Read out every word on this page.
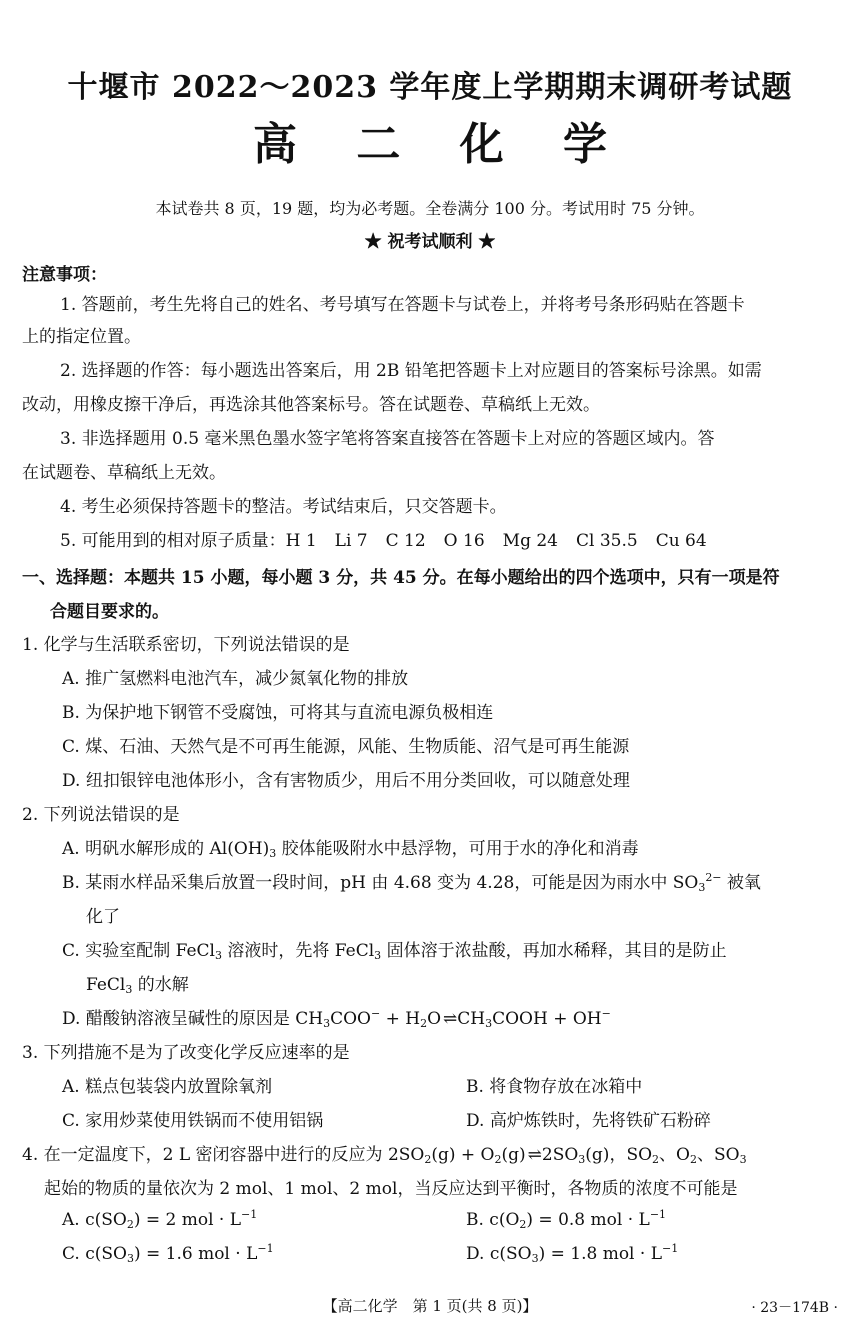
十堰市 2022～2023 学年度上学期期末调研考试题
高 二 化 学
本试卷共 8 页，19 题，均为必考题。全卷满分 100 分。考试用时 75 分钟。
★ 祝考试顺利 ★
注意事项：
1. 答题前，考生先将自己的姓名、考号填写在答题卡与试卷上，并将考号条形码贴在答题卡
上的指定位置。
2. 选择题的作答：每小题选出答案后，用 2B 铅笔把答题卡上对应题目的答案标号涂黑。如需
改动，用橡皮擦干净后，再选涂其他答案标号。答在试题卷、草稿纸上无效。
3. 非选择题用 0.5 毫米黑色墨水签字笔将答案直接答在答题卡上对应的答题区域内。答
在试题卷、草稿纸上无效。
4. 考生必须保持答题卡的整洁。考试结束后，只交答题卡。
5. 可能用到的相对原子质量：H 1 Li 7 C 12 O 16 Mg 24 Cl 35.5 Cu 64
一、选择题：本题共 15 小题，每小题 3 分，共 45 分。在每小题给出的四个选项中，只有一项是符
合题目要求的。
1. 化学与生活联系密切，下列说法错误的是
A. 推广氢燃料电池汽车，减少氮氧化物的排放
B. 为保护地下钢管不受腐蚀，可将其与直流电源负极相连
C. 煤、石油、天然气是不可再生能源，风能、生物质能、沼气是可再生能源
D. 纽扣银锌电池体形小，含有害物质少，用后不用分类回收，可以随意处理
2. 下列说法错误的是
A. 明矾水解形成的 $Al(OH)_3$ 胶体能吸附水中悬浮物，可用于水的净化和消毒
B. 某雨水样品采集后放置一段时间，pH 由 4.68 变为 4.28，可能是因为雨水中 $SO_3^{2-}$ 被氧
化了
C. 实验室配制 FeCl$_3$ 溶液时，先将 FeCl$_3$ 固体溶于浓盐酸，再加水稀释，其目的是防止
FeCl$_3$ 的水解
D. 醋酸钠溶液呈碱性的原因是 $CH_3COO^- + H_2O$ ⇌ $CH_3COOH + OH^-$
3. 下列措施不是为了改变化学反应速率的是
A. 糕点包装袋内放置除氧剂	B. 将食物存放在冰箱中
C. 家用炒菜使用铁锅而不使用铝锅	D. 高炉炼铁时，先将铁矿石粉碎
4. 在一定温度下，2 L 密闭容器中进行的反应为 $2SO_2(g) + O_2(g)$ ⇌ $2SO_3(g)$，$SO_2$、$O_2$、$SO_3$
起始的物质的量依次为 2 mol、1 mol、2 mol，当反应达到平衡时，各物质的浓度不可能是
A. $c(SO_2) = 2$ mol · $L^{-1}$	B. $c(O_2) = 0.8$ mol · $L^{-1}$
C. $c(SO_3) = 1.6$ mol · $L^{-1}$	D. $c(SO_3) = 1.8$ mol · $L^{-1}$
【高二化学　第 1 页(共 8 页)】	· 23－174B ·
